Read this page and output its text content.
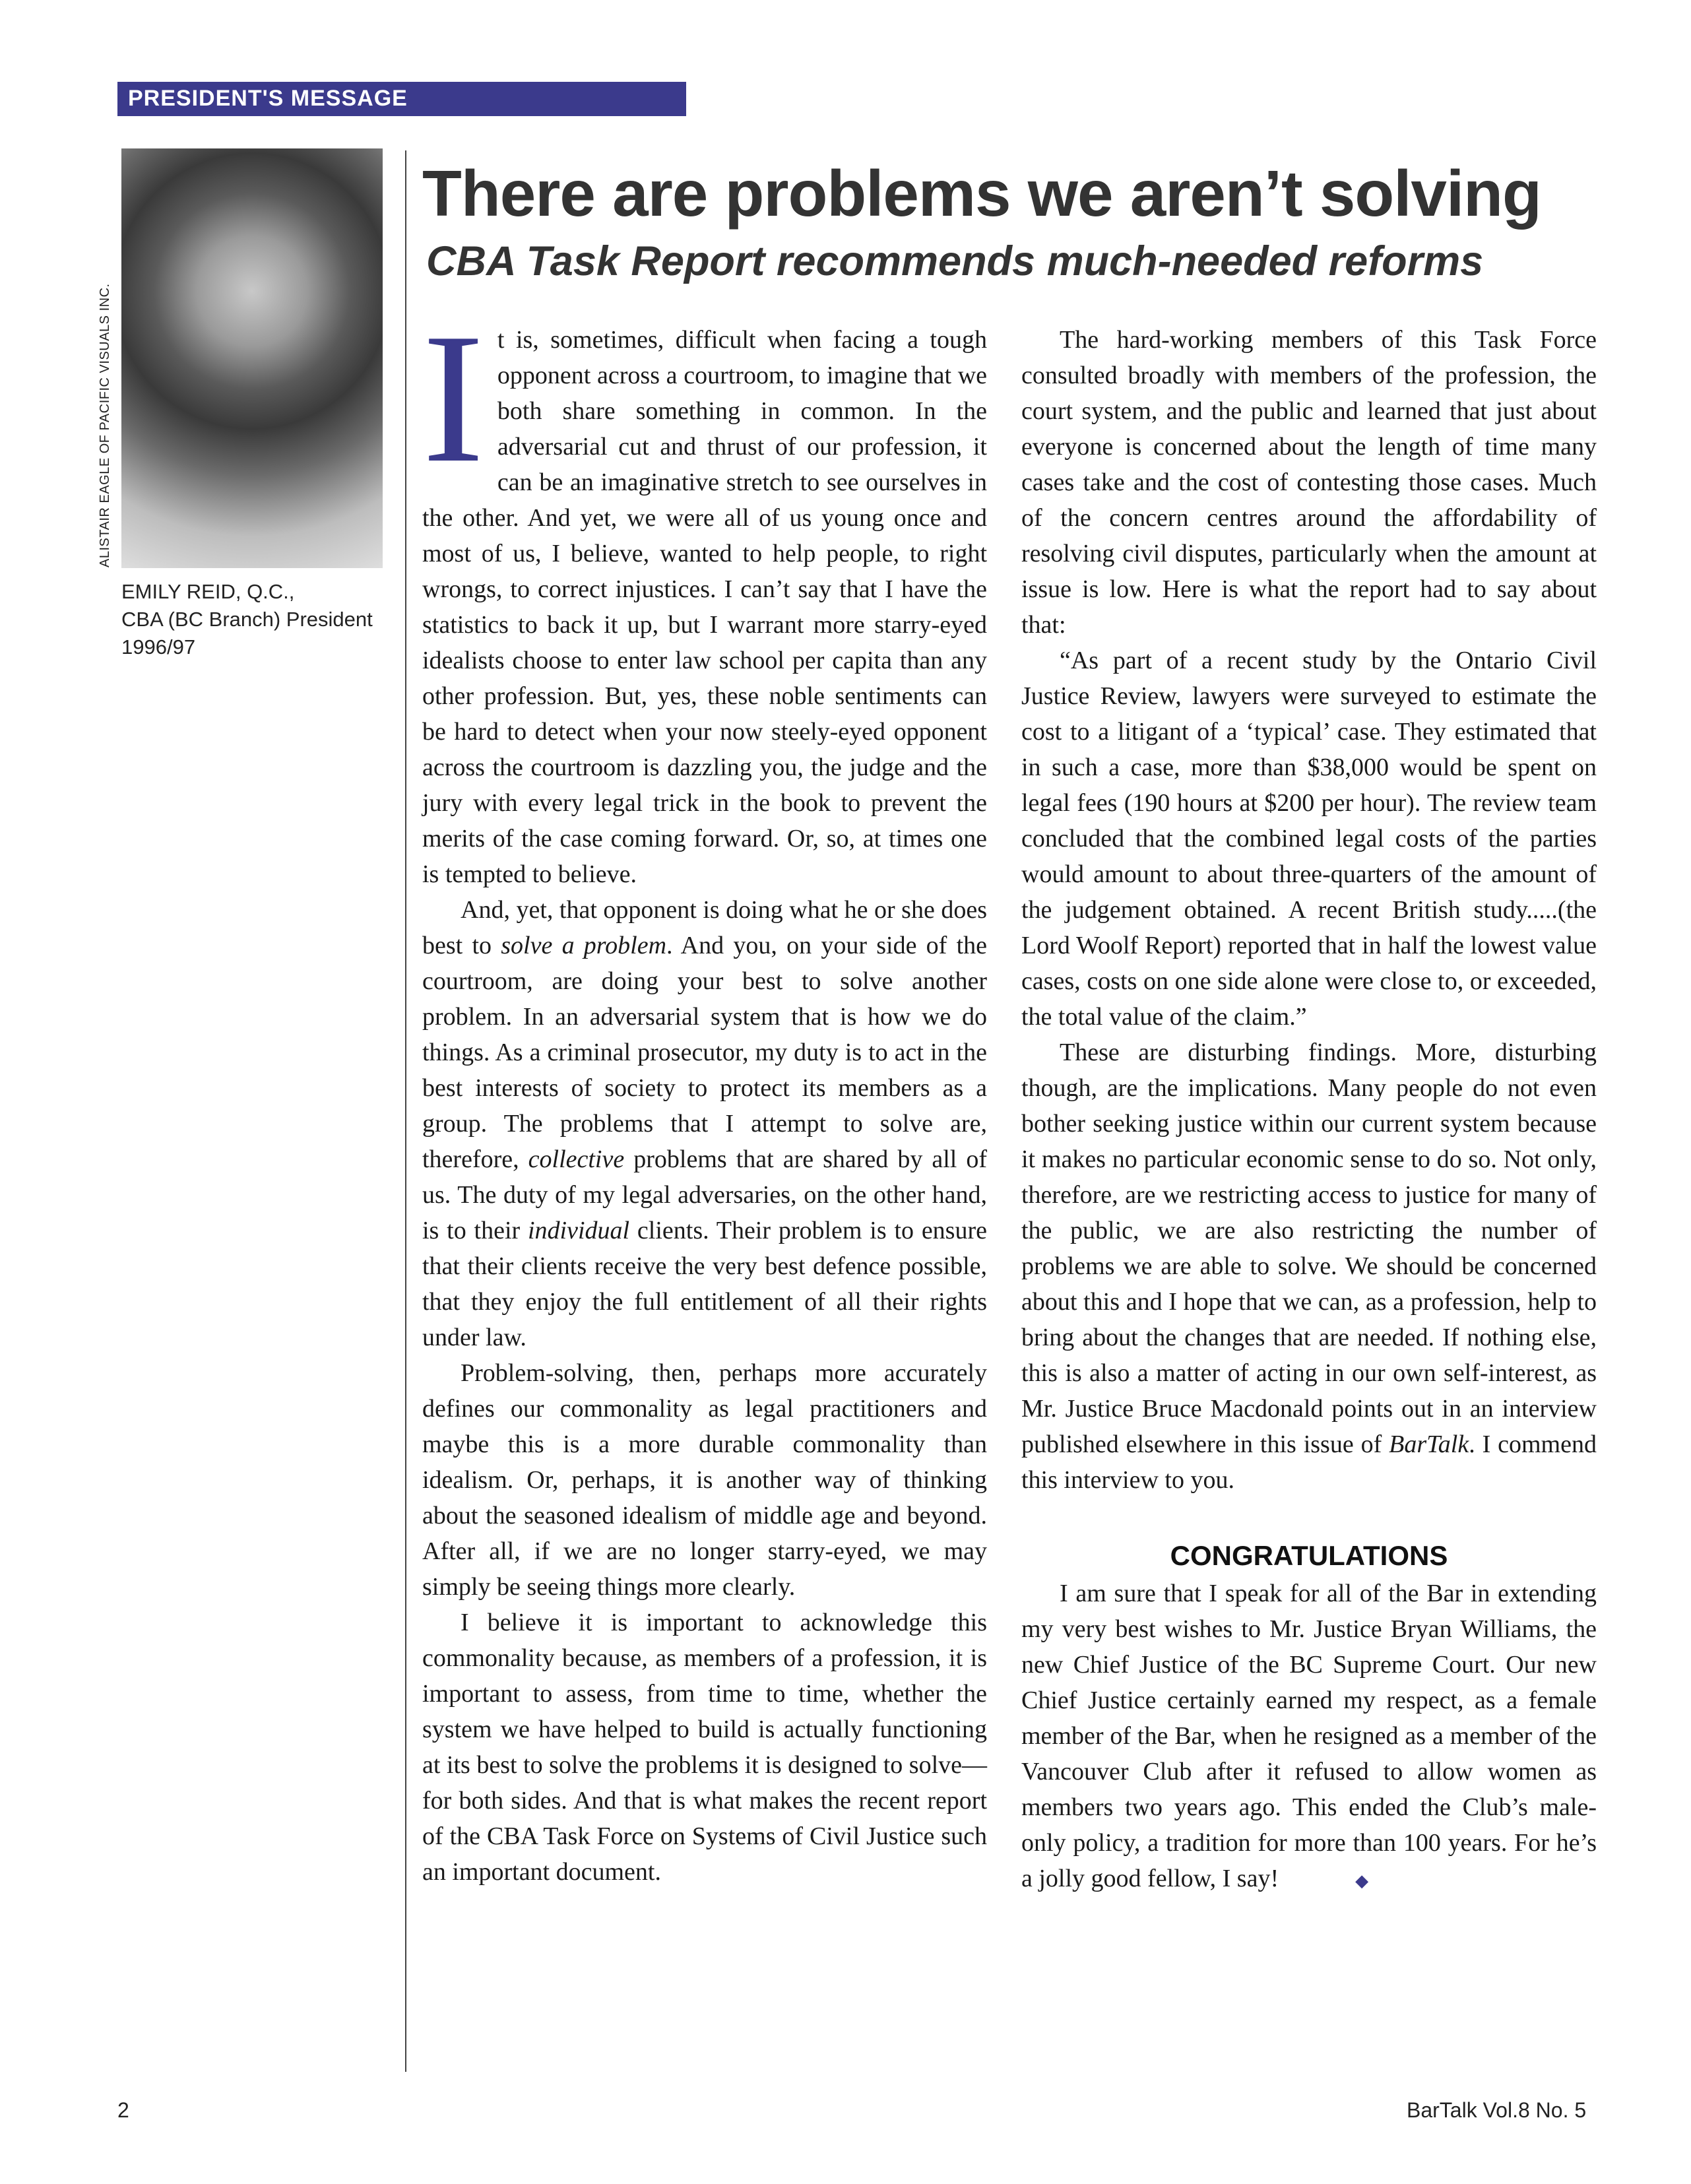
PRESIDENT'S MESSAGE
ALISTAIR EAGLE OF PACIFIC VISUALS INC.
EMILY REID, Q.C.,
CBA (BC Branch) President
1996/97
There are problems we aren’t solving
CBA Task Report recommends much-needed reforms

It is, sometimes, difficult when facing a tough opponent across a courtroom, to imagine that we both share something in common. In the adversarial cut and thrust of our profession, it can be an imaginative stretch to see ourselves in the other. And yet, we were all of us young once and most of us, I believe, wanted to help people, to right wrongs, to correct injustices. I can’t say that I have the statistics to back it up, but I warrant more starry-eyed idealists choose to enter law school per capita than any other profession. But, yes, these noble sentiments can be hard to detect when your now steely-eyed opponent across the courtroom is dazzling you, the judge and the jury with every legal trick in the book to prevent the merits of the case coming forward. Or, so, at times one is tempted to believe.

And, yet, that opponent is doing what he or she does best to solve a problem. And you, on your side of the courtroom, are doing your best to solve another problem. In an adversarial system that is how we do things. As a criminal prosecutor, my duty is to act in the best interests of society to protect its members as a group. The problems that I attempt to solve are, therefore, collective problems that are shared by all of us. The duty of my legal adversaries, on the other hand, is to their individual clients. Their problem is to ensure that their clients receive the very best defence possible, that they enjoy the full entitlement of all their rights under law.

Problem-solving, then, perhaps more accurately defines our commonality as legal practitioners and maybe this is a more durable commonality than idealism. Or, perhaps, it is another way of thinking about the seasoned idealism of middle age and beyond. After all, if we are no longer starry-eyed, we may simply be seeing things more clearly.

I believe it is important to acknowledge this commonality because, as members of a profession, it is important to assess, from time to time, whether the system we have helped to build is actually functioning at its best to solve the problems it is designed to solve—for both sides. And that is what makes the recent report of the CBA Task Force on Systems of Civil Justice such an important document.

The hard-working members of this Task Force consulted broadly with members of the profession, the court system, and the public and learned that just about everyone is concerned about the length of time many cases take and the cost of contesting those cases. Much of the concern centres around the affordability of resolving civil disputes, particularly when the amount at issue is low. Here is what the report had to say about that:

“As part of a recent study by the Ontario Civil Justice Review, lawyers were surveyed to estimate the cost to a litigant of a ‘typical’ case. They estimated that in such a case, more than $38,000 would be spent on legal fees (190 hours at $200 per hour). The review team concluded that the combined legal costs of the parties would amount to about three-quarters of the amount of the judgement obtained. A recent British study.....(the Lord Woolf Report) reported that in half the lowest value cases, costs on one side alone were close to, or exceeded, the total value of the claim.”

These are disturbing findings. More, disturbing though, are the implications. Many people do not even bother seeking justice within our current system because it makes no particular economic sense to do so. Not only, therefore, are we restricting access to justice for many of the public, we are also restricting the number of problems we are able to solve. We should be concerned about this and I hope that we can, as a profession, help to bring about the changes that are needed. If nothing else, this is also a matter of acting in our own self-interest, as Mr. Justice Bruce Macdonald points out in an interview published elsewhere in this issue of BarTalk. I commend this interview to you.

CONGRATULATIONS

I am sure that I speak for all of the Bar in extending my very best wishes to Mr. Justice Bryan Williams, the new Chief Justice of the BC Supreme Court. Our new Chief Justice certainly earned my respect, as a female member of the Bar, when he resigned as a member of the Vancouver Club after it refused to allow women as members two years ago. This ended the Club’s male-only policy, a tradition for more than 100 years. For he’s a jolly good fellow, I say!	◆

2	BarTalk Vol.8 No. 5
